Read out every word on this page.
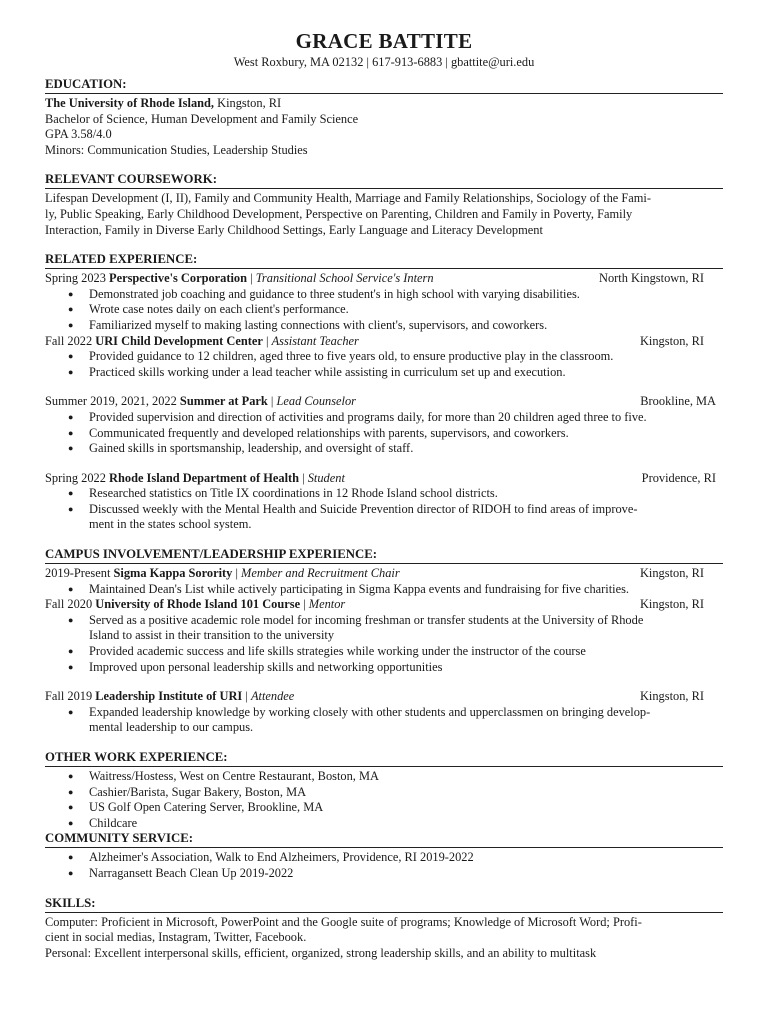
GRACE BATTITE
West Roxbury, MA 02132 | 617-913-6883 | gbattite@uri.edu
EDUCATION:
The University of Rhode Island, Kingston, RI
Bachelor of Science, Human Development and Family Science
GPA 3.58/4.0
Minors: Communication Studies, Leadership Studies
RELEVANT COURSEWORK:
Lifespan Development (I, II), Family and Community Health, Marriage and Family Relationships, Sociology of the Fami-
ly, Public Speaking, Early Childhood Development, Perspective on Parenting, Children and Family in Poverty, Family
Interaction, Family in Diverse Early Childhood Settings, Early Language and Literacy Development
RELATED EXPERIENCE:
Spring 2023 Perspective's Corporation | Transitional School Service's Intern	North Kingstown, RI
● Demonstrated job coaching and guidance to three student's in high school with varying disabilities.
● Wrote case notes daily on each client's performance.
● Familiarized myself to making lasting connections with client's, supervisors, and coworkers.
Fall 2022 URI Child Development Center | Assistant Teacher	Kingston, RI
● Provided guidance to 12 children, aged three to five years old, to ensure productive play in the classroom.
● Practiced skills working under a lead teacher while assisting in curriculum set up and execution.
Summer 2019, 2021, 2022 Summer at Park | Lead Counselor	Brookline, MA
● Provided supervision and direction of activities and programs daily, for more than 20 children aged three to five.
● Communicated frequently and developed relationships with parents, supervisors, and coworkers.
● Gained skills in sportsmanship, leadership, and oversight of staff.
Spring 2022 Rhode Island Department of Health | Student	Providence, RI
● Researched statistics on Title IX coordinations in 12 Rhode Island school districts.
● Discussed weekly with the Mental Health and Suicide Prevention director of RIDOH to find areas of improve-
ment in the states school system.
CAMPUS INVOLVEMENT/LEADERSHIP EXPERIENCE:
2019-Present Sigma Kappa Sorority | Member and Recruitment Chair	Kingston, RI
● Maintained Dean's List while actively participating in Sigma Kappa events and fundraising for five charities.
Fall 2020 University of Rhode Island 101 Course | Mentor	Kingston, RI
● Served as a positive academic role model for incoming freshman or transfer students at the University of Rhode
Island to assist in their transition to the university
● Provided academic success and life skills strategies while working under the instructor of the course
● Improved upon personal leadership skills and networking opportunities
Fall 2019 Leadership Institute of URI | Attendee	Kingston, RI
● Expanded leadership knowledge by working closely with other students and upperclassmen on bringing develop-
mental leadership to our campus.
OTHER WORK EXPERIENCE:
● Waitress/Hostess, West on Centre Restaurant, Boston, MA
● Cashier/Barista, Sugar Bakery, Boston, MA
● US Golf Open Catering Server, Brookline, MA
● Childcare
COMMUNITY SERVICE:
● Alzheimer's Association, Walk to End Alzheimers, Providence, RI 2019-2022
● Narragansett Beach Clean Up 2019-2022
SKILLS:
Computer: Proficient in Microsoft, PowerPoint and the Google suite of programs; Knowledge of Microsoft Word; Profi-
cient in social medias, Instagram, Twitter, Facebook.
Personal: Excellent interpersonal skills, efficient, organized, strong leadership skills, and an ability to multitask
